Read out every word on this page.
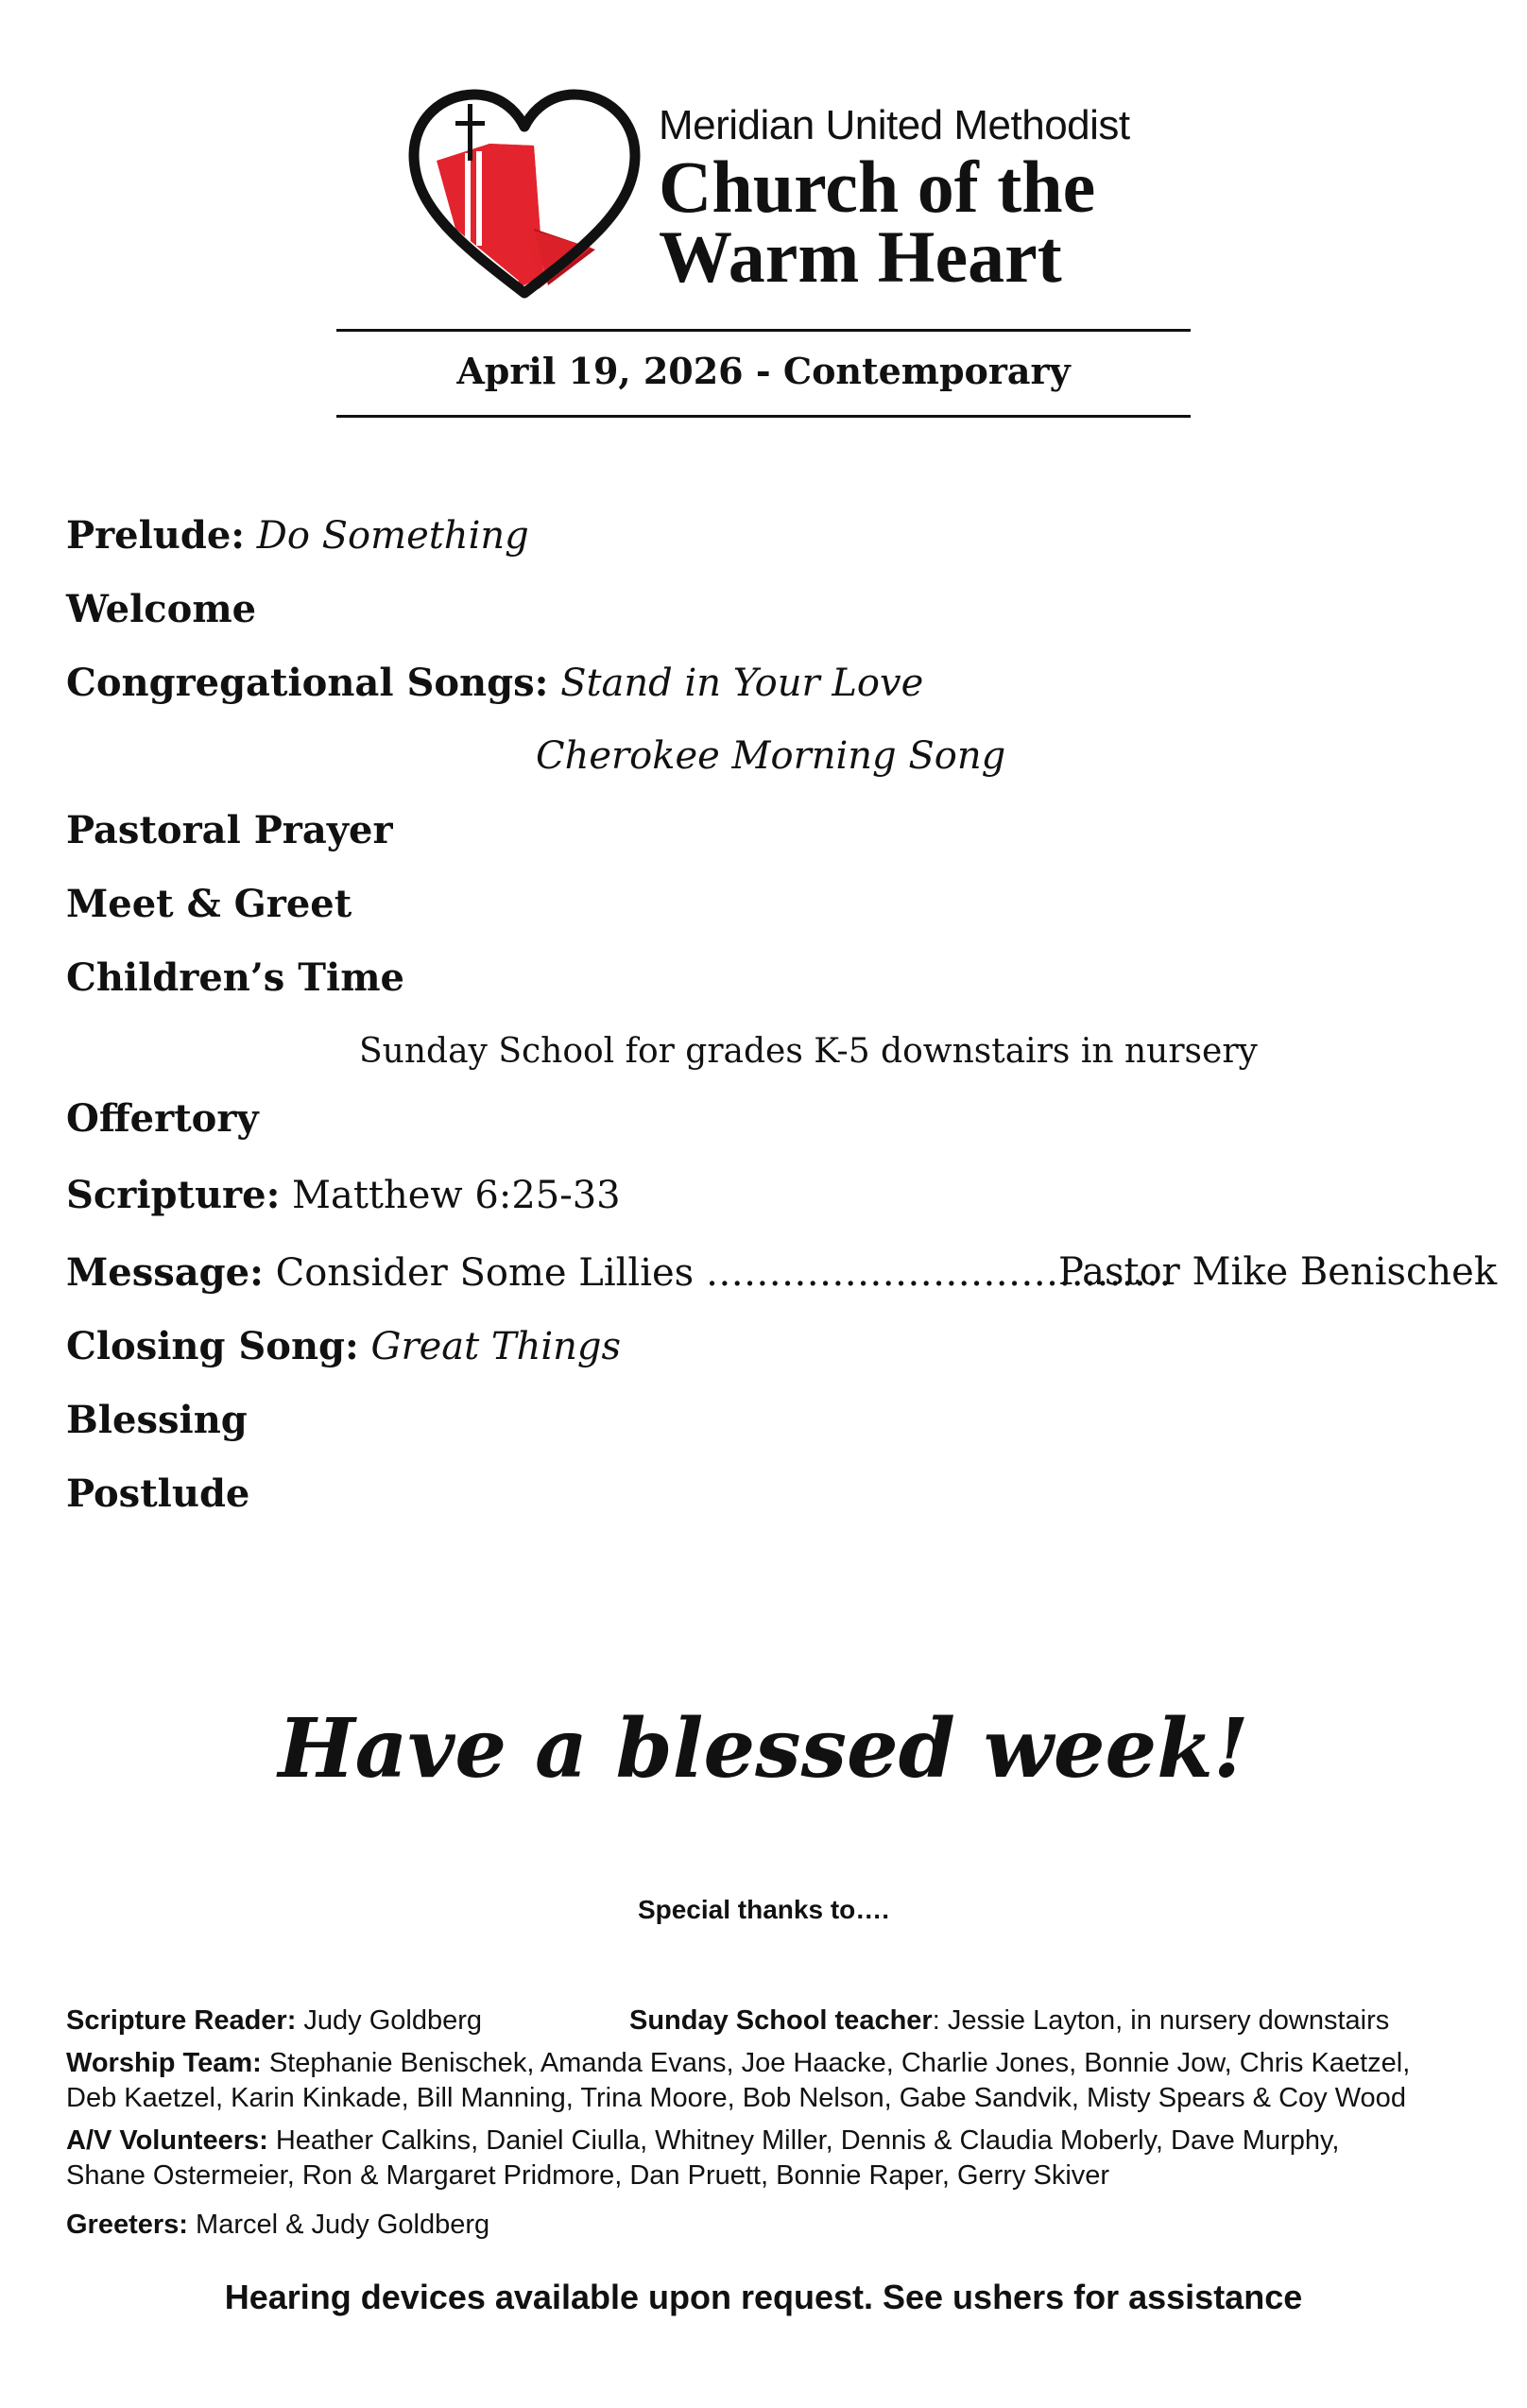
Meridian United Methodist
Church of the
Warm Heart
April 19, 2026 - Contemporary
Prelude: Do Something
Welcome
Congregational Songs: Stand in Your Love
Cherokee Morning Song
Pastoral Prayer
Meet & Greet
Children’s Time
Sunday School for grades K-5 downstairs in nursery
Offertory
Scripture: Matthew 6:25-33
Message: Consider Some Lillies …………………………….…
Pastor Mike Benischek
Closing Song: Great Things
Blessing
Postlude
Have a blessed week!
Special thanks to….
Scripture Reader: Judy Goldberg	Sunday School teacher: Jessie Layton, in nursery downstairs
Worship Team: Stephanie Benischek, Amanda Evans, Joe Haacke, Charlie Jones, Bonnie Jow, Chris Kaetzel,
Deb Kaetzel, Karin Kinkade, Bill Manning, Trina Moore, Bob Nelson, Gabe Sandvik, Misty Spears & Coy Wood
A/V Volunteers: Heather Calkins, Daniel Ciulla, Whitney Miller, Dennis & Claudia Moberly, Dave Murphy,
Shane Ostermeier, Ron & Margaret Pridmore, Dan Pruett, Bonnie Raper, Gerry Skiver
Greeters: Marcel & Judy Goldberg
Hearing devices available upon request. See ushers for assistance
